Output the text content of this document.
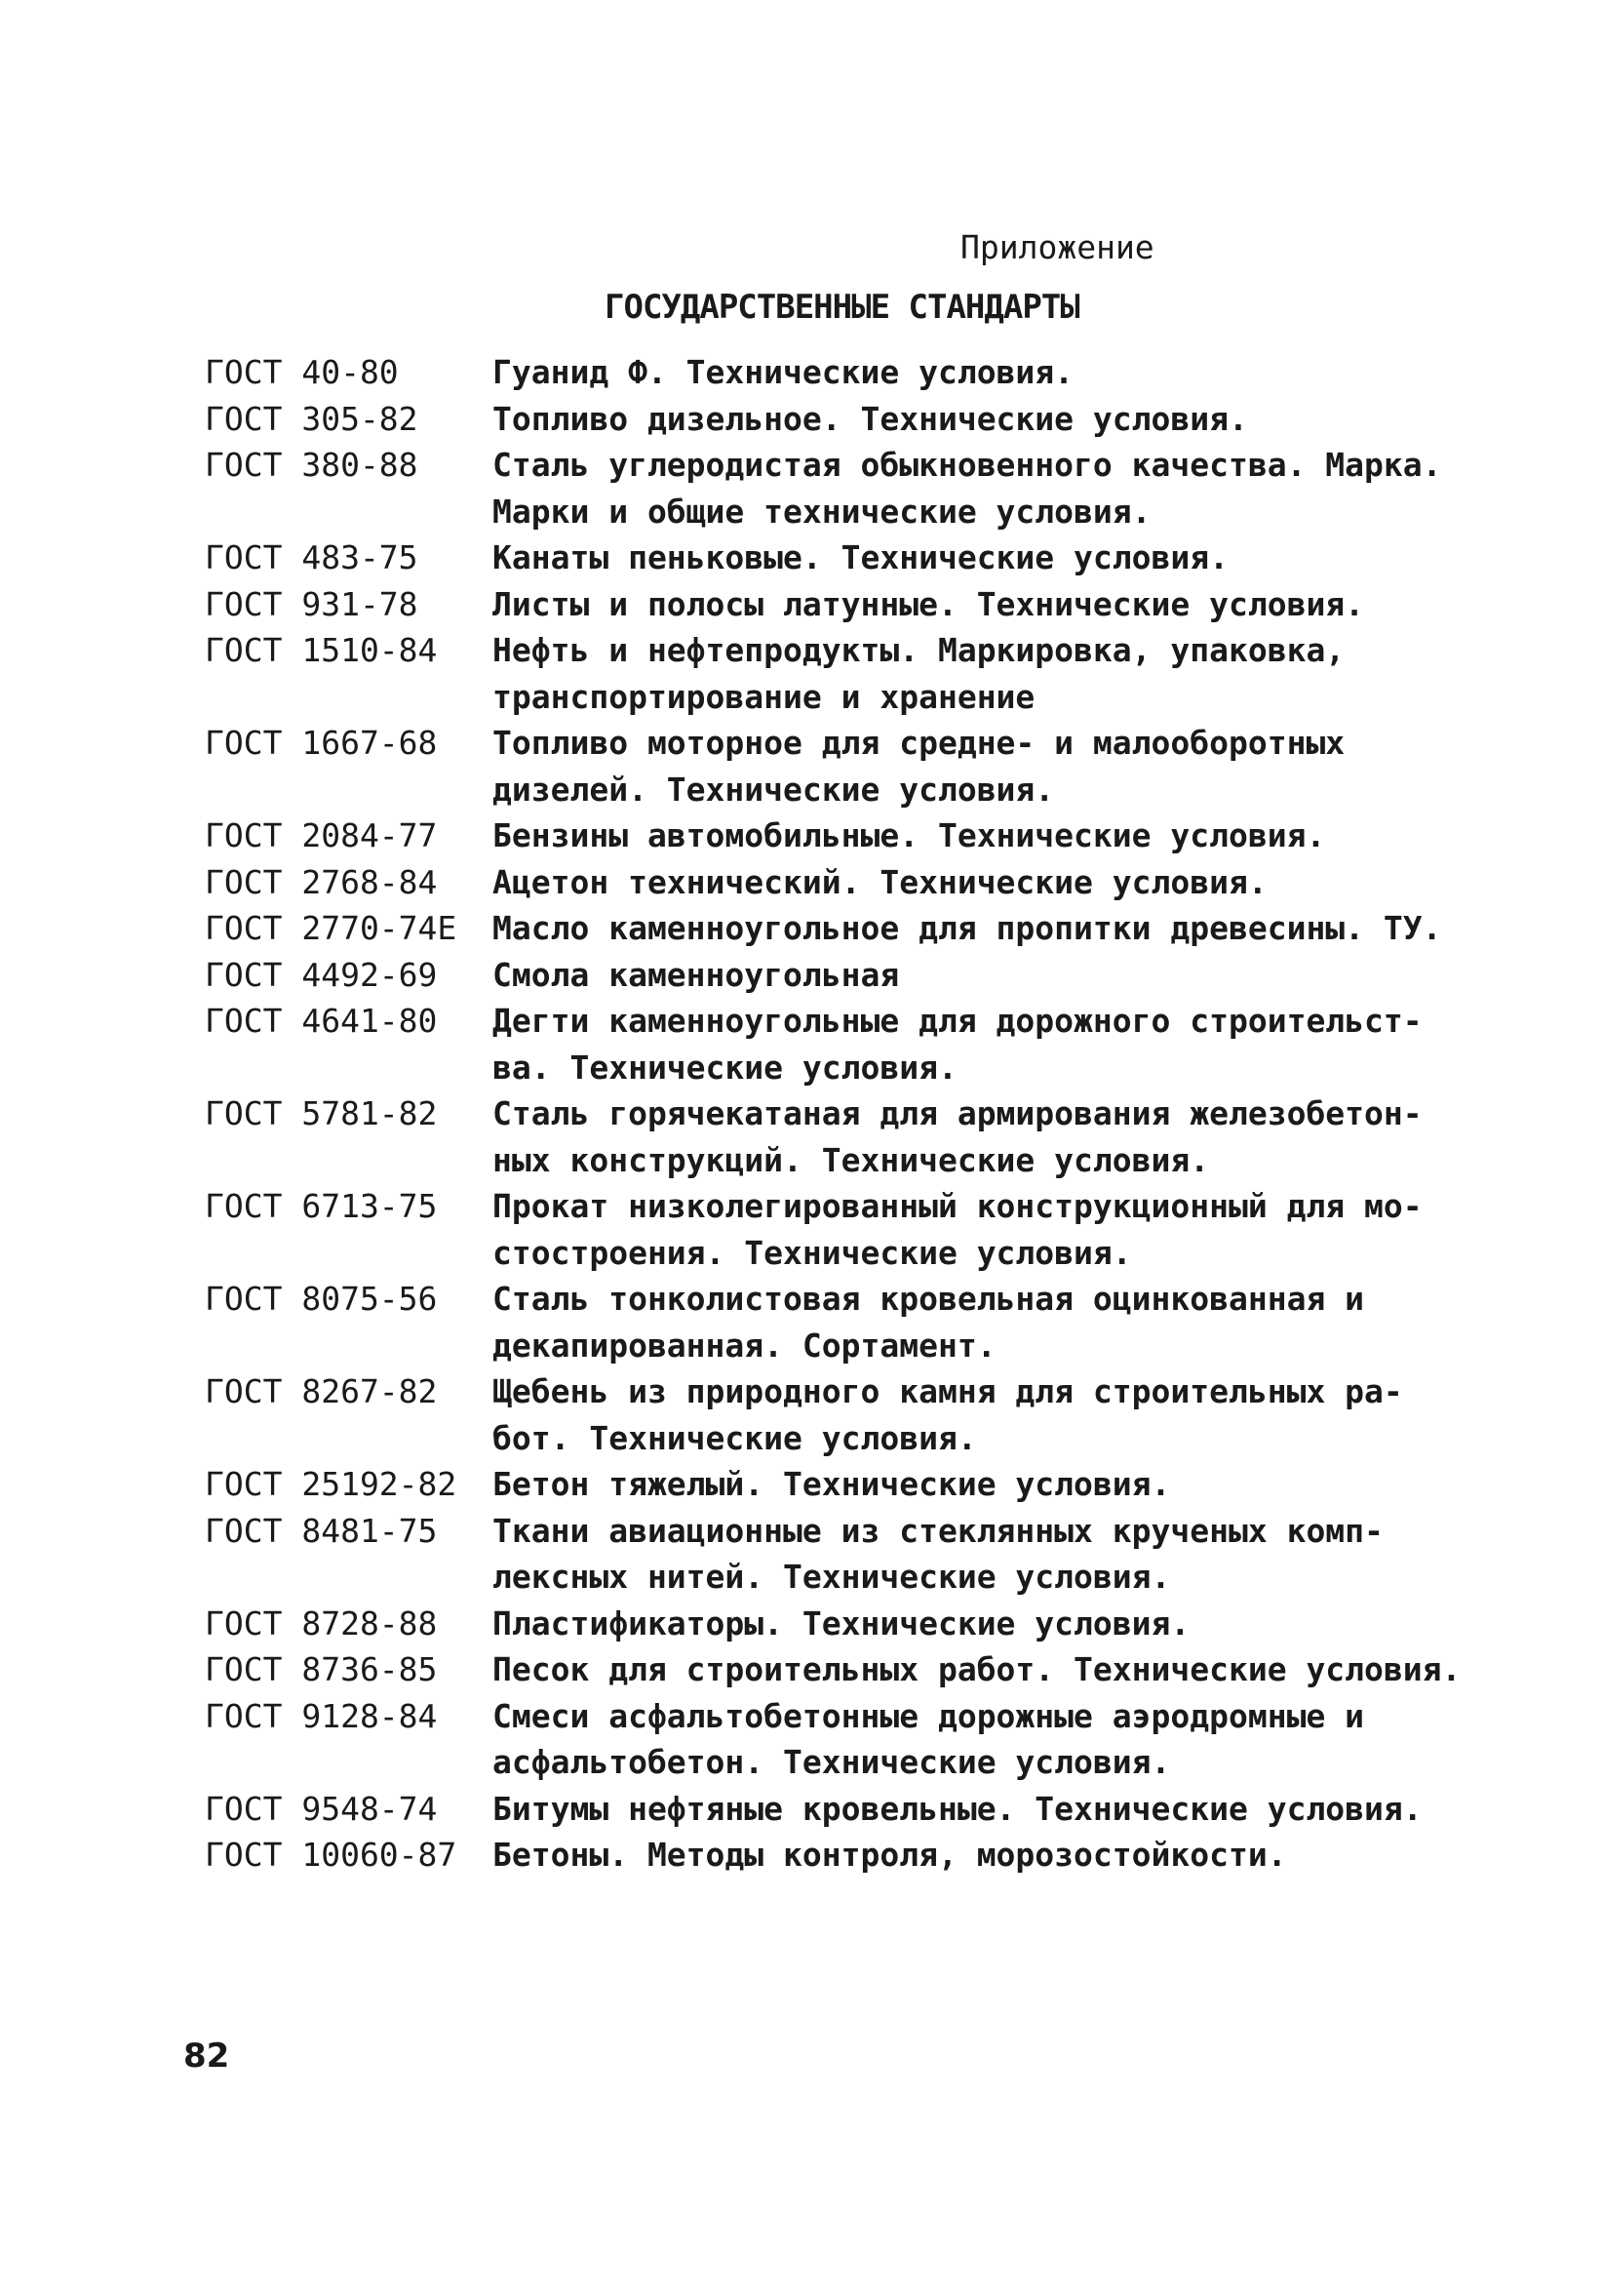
Приложение
ГОСУДАРСТВЕННЫЕ СТАНДАРТЫ
ГОСТ 40-80	Гуанид Ф. Технические условия.
ГОСТ 305-82	Топливо дизельное. Технические условия.
ГОСТ 380-88	Сталь углеродистая обыкновенного качества. Марка.
Марки и общие технические условия.
ГОСТ 483-75	Канаты пеньковые. Технические условия.
ГОСТ 931-78	Листы и полосы латунные. Технические условия.
ГОСТ 1510-84	Нефть и нефтепродукты. Маркировка, упаковка,
транспортирование и хранение
ГОСТ 1667-68	Топливо моторное для средне- и малооборотных
дизелей. Технические условия.
ГОСТ 2084-77	Бензины автомобильные. Технические условия.
ГОСТ 2768-84	Ацетон технический. Технические условия.
ГОСТ 2770-74Е	Масло каменноугольное для пропитки древесины. ТУ.
ГОСТ 4492-69	Смола каменноугольная
ГОСТ 4641-80	Дегти каменноугольные для дорожного строительст-
ва. Технические условия.
ГОСТ 5781-82	Сталь горячекатаная для армирования железобетон-
ных конструкций. Технические условия.
ГОСТ 6713-75	Прокат низколегированный конструкционный для мо-
стостроения. Технические условия.
ГОСТ 8075-56	Сталь тонколистовая кровельная оцинкованная и
декапированная. Сортамент.
ГОСТ 8267-82	Щебень из природного камня для строительных ра-
бот. Технические условия.
ГОСТ 25192-82	Бетон тяжелый. Технические условия.
ГОСТ 8481-75	Ткани авиационные из стеклянных крученых комп-
лексных нитей. Технические условия.
ГОСТ 8728-88	Пластификаторы. Технические условия.
ГОСТ 8736-85	Песок для строительных работ. Технические условия.
ГОСТ 9128-84	Смеси асфальтобетонные дорожные аэродромные и
асфальтобетон. Технические условия.
ГОСТ 9548-74	Битумы нефтяные кровельные. Технические условия.
ГОСТ 10060-87	Бетоны. Методы контроля, морозостойкости.
82
